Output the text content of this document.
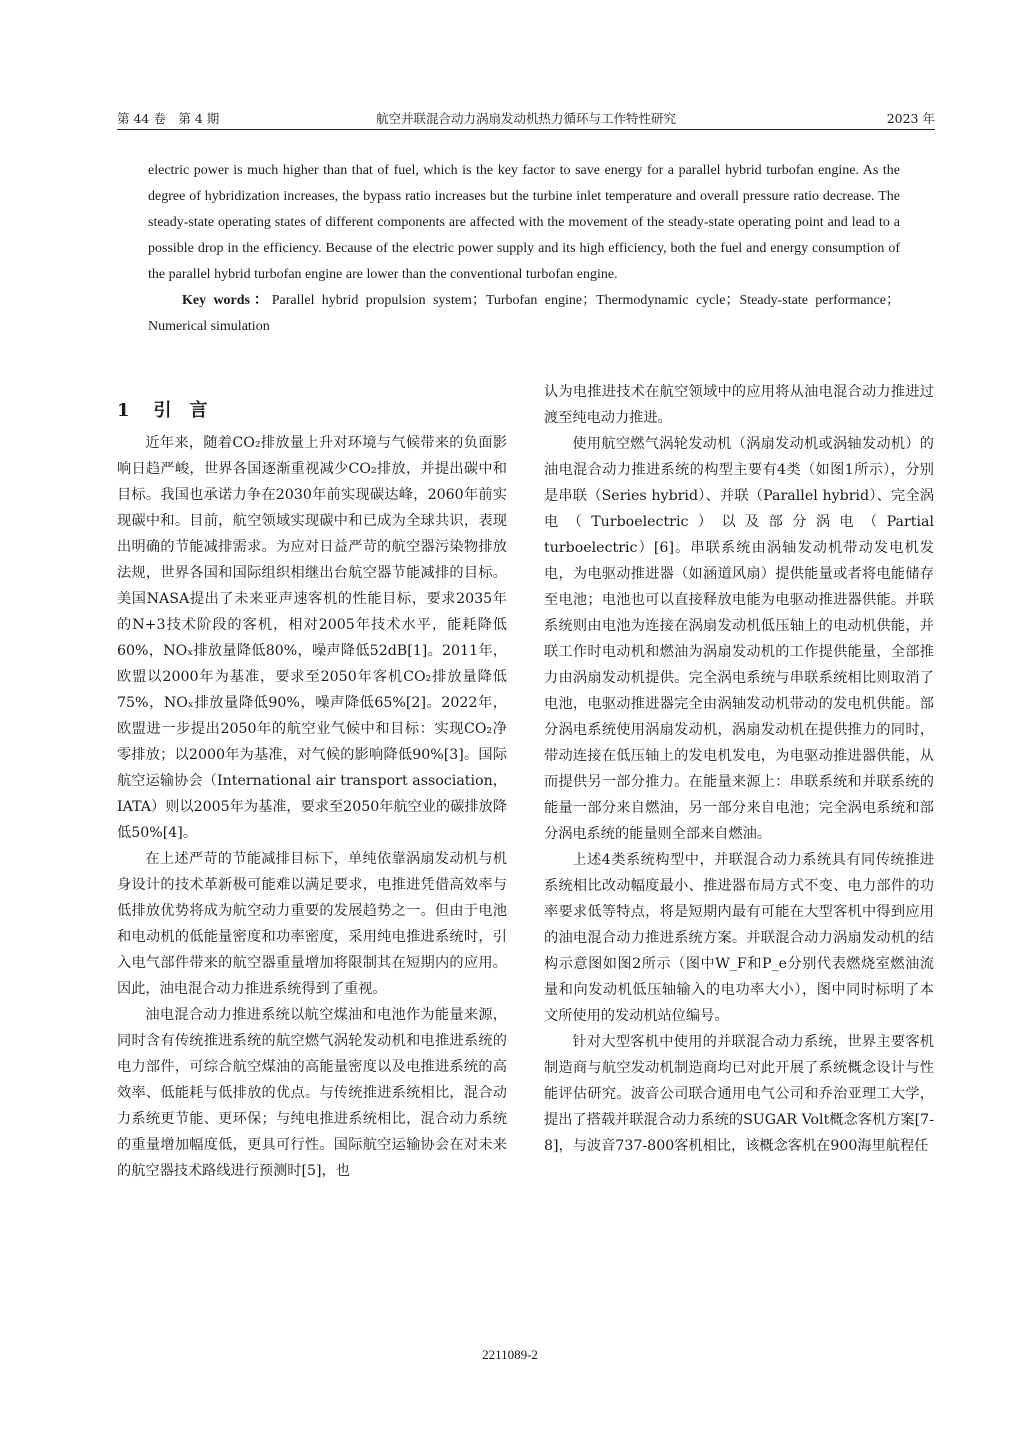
第 44 卷　第 4 期	航空并联混合动力涡扇发动机热力循环与工作特性研究	2023 年

electric power is much higher than that of fuel, which is the key factor to save energy for a parallel hybrid turbofan engine. As the degree of hybridization increases, the bypass ratio increases but the turbine inlet temperature and overall pressure ratio decrease. The steady-state operating states of different components are affected with the movement of the steady-state operating point and lead to a possible drop in the efficiency. Because of the electric power supply and its high efficiency, both the fuel and energy consumption of the parallel hybrid turbofan engine are lower than the conventional turbofan engine.

Key words：Parallel hybrid propulsion system；Turbofan engine；Thermodynamic cycle；Steady-state performance；Numerical simulation

1 引　言

近年来，随着CO₂排放量上升对环境与气候带来的负面影响日趋严峻，世界各国逐渐重视减少CO₂排放，并提出碳中和目标。我国也承诺力争在2030年前实现碳达峰，2060年前实现碳中和。目前，航空领域实现碳中和已成为全球共识，表现出明确的节能减排需求。为应对日益严苛的航空器污染物排放法规，世界各国和国际组织相继出台航空器节能减排的目标。美国NASA提出了未来亚声速客机的性能目标，要求2035年的N+3技术阶段的客机，相对2005年技术水平，能耗降低60%，NOₓ排放量降低80%，噪声降低52dB[1]。2011年，欧盟以2000年为基准，要求至2050年客机CO₂排放量降低75%，NOₓ排放量降低90%，噪声降低65%[2]。2022年，欧盟进一步提出2050年的航空业气候中和目标：实现CO₂净零排放；以2000年为基准，对气候的影响降低90%[3]。国际航空运输协会（International air transport association，IATA）则以2005年为基准，要求至2050年航空业的碳排放降低50%[4]。

在上述严苛的节能减排目标下，单纯依靠涡扇发动机与机身设计的技术革新极可能难以满足要求，电推进凭借高效率与低排放优势将成为航空动力重要的发展趋势之一。但由于电池和电动机的低能量密度和功率密度，采用纯电推进系统时，引入电气部件带来的航空器重量增加将限制其在短期内的应用。因此，油电混合动力推进系统得到了重视。

油电混合动力推进系统以航空煤油和电池作为能量来源，同时含有传统推进系统的航空燃气涡轮发动机和电推进系统的电力部件，可综合航空煤油的高能量密度以及电推进系统的高效率、低能耗与低排放的优点。与传统推进系统相比，混合动力系统更节能、更环保；与纯电推进系统相比，混合动力系统的重量增加幅度低，更具可行性。国际航空运输协会在对未来的航空器技术路线进行预测时[5]，也

认为电推进技术在航空领域中的应用将从油电混合动力推进过渡至纯电动力推进。

使用航空燃气涡轮发动机（涡扇发动机或涡轴发动机）的油电混合动力推进系统的构型主要有4类（如图1所示），分别是串联（Series hybrid）、并联（Parallel hybrid）、完全涡电（Turboelectric）以及部分涡电（Partial turboelectric）[6]。串联系统由涡轴发动机带动发电机发电，为电驱动推进器（如涵道风扇）提供能量或者将电能储存至电池；电池也可以直接释放电能为电驱动推进器供能。并联系统则由电池为连接在涡扇发动机低压轴上的电动机供能，并联工作时电动机和燃油为涡扇发动机的工作提供能量，全部推力由涡扇发动机提供。完全涡电系统与串联系统相比则取消了电池，电驱动推进器完全由涡轴发动机带动的发电机供能。部分涡电系统使用涡扇发动机，涡扇发动机在提供推力的同时，带动连接在低压轴上的发电机发电，为电驱动推进器供能，从而提供另一部分推力。在能量来源上：串联系统和并联系统的能量一部分来自燃油，另一部分来自电池；完全涡电系统和部分涡电系统的能量则全部来自燃油。

上述4类系统构型中，并联混合动力系统具有同传统推进系统相比改动幅度最小、推进器布局方式不变、电力部件的功率要求低等特点，将是短期内最有可能在大型客机中得到应用的油电混合动力推进系统方案。并联混合动力涡扇发动机的结构示意图如图2所示（图中W_F和P_e分别代表燃烧室燃油流量和向发动机低压轴输入的电功率大小），图中同时标明了本文所使用的发动机站位编号。

针对大型客机中使用的并联混合动力系统，世界主要客机制造商与航空发动机制造商均已对此开展了系统概念设计与性能评估研究。波音公司联合通用电气公司和乔治亚理工大学，提出了搭载并联混合动力系统的SUGAR Volt概念客机方案[7-8]，与波音737-800客机相比，该概念客机在900海里航程任

2211089-2
